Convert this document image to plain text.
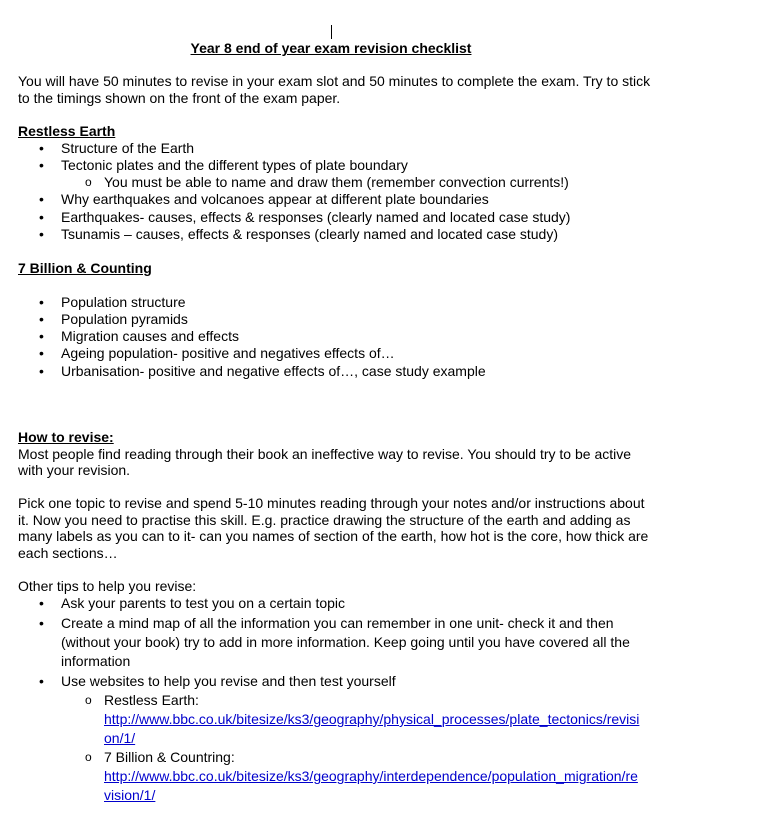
Year 8 end of year exam revision checklist
You will have 50 minutes to revise in your exam slot and 50 minutes to complete the exam. Try to stick to the timings shown on the front of the exam paper.
Restless Earth
• Structure of the Earth
• Tectonic plates and the different types of plate boundary
o You must be able to name and draw them (remember convection currents!)
• Why earthquakes and volcanoes appear at different plate boundaries
• Earthquakes- causes, effects & responses (clearly named and located case study)
• Tsunamis – causes, effects & responses (clearly named and located case study)
7 Billion & Counting
• Population structure
• Population pyramids
• Migration causes and effects
• Ageing population- positive and negatives effects of…
• Urbanisation- positive and negative effects of…, case study example
How to revise:
Most people find reading through their book an ineffective way to revise. You should try to be active with your revision.
Pick one topic to revise and spend 5-10 minutes reading through your notes and/or instructions about it. Now you need to practise this skill. E.g. practice drawing the structure of the earth and adding as many labels as you can to it- can you names of section of the earth, how hot is the core, how thick are each sections…
Other tips to help you revise:
• Ask your parents to test you on a certain topic
• Create a mind map of all the information you can remember in one unit- check it and then (without your book) try to add in more information. Keep going until you have covered all the information
• Use websites to help you revise and then test yourself
o Restless Earth:
http://www.bbc.co.uk/bitesize/ks3/geography/physical_processes/plate_tectonics/revision/1/
o 7 Billion & Countring:
http://www.bbc.co.uk/bitesize/ks3/geography/interdependence/population_migration/revision/1/
